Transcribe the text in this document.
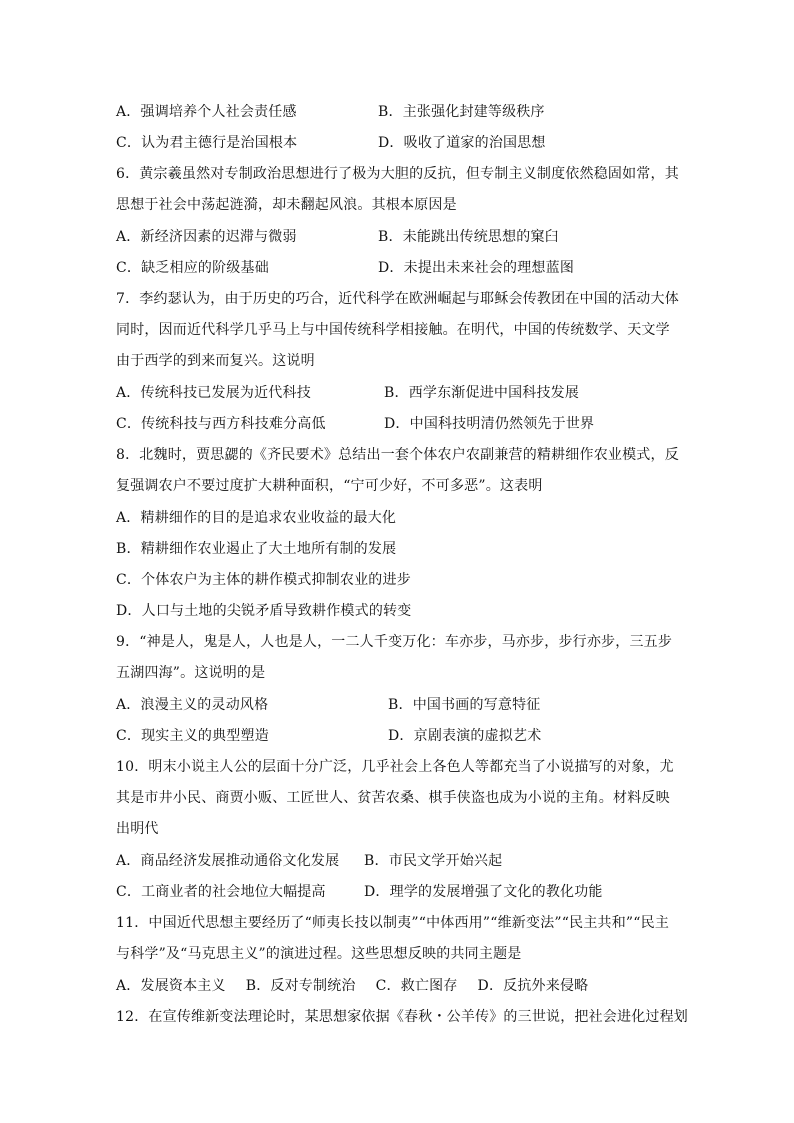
A．强调培养个人社会责任感	B．主张强化封建等级秩序
C．认为君主德行是治国根本	D．吸收了道家的治国思想
6．黄宗羲虽然对专制政治思想进行了极为大胆的反抗，但专制主义制度依然稳固如常，其思想于社会中荡起涟漪，却未翻起风浪。其根本原因是
A．新经济因素的迟滞与微弱	B．未能跳出传统思想的窠臼
C．缺乏相应的阶级基础	D．未提出未来社会的理想蓝图
7．李约瑟认为，由于历史的巧合，近代科学在欧洲崛起与耶稣会传教团在中国的活动大体同时，因而近代科学几乎马上与中国传统科学相接触。在明代，中国的传统数学、天文学由于西学的到来而复兴。这说明
A．传统科技已发展为近代科技	B．西学东渐促进中国科技发展
C．传统科技与西方科技难分高低	D．中国科技明清仍然领先于世界
8．北魏时，贾思勰的《齐民要术》总结出一套个体农户农副兼营的精耕细作农业模式，反复强调农户不要过度扩大耕种面积，“宁可少好，不可多恶”。这表明
A．精耕细作的目的是追求农业收益的最大化
B．精耕细作农业遏止了大土地所有制的发展
C．个体农户为主体的耕作模式抑制农业的进步
D．人口与土地的尖锐矛盾导致耕作模式的转变
9．“神是人，鬼是人，人也是人，一二人千变万化：车亦步，马亦步，步行亦步，三五步五湖四海”。这说明的是
A．浪漫主义的灵动风格	B．中国书画的写意特征
C．现实主义的典型塑造	D．京剧表演的虚拟艺术
10．明末小说主人公的层面十分广泛，几乎社会上各色人等都充当了小说描写的对象，尤其是市井小民、商贾小贩、工匠世人、贫苦农桑、棋手侠盗也成为小说的主角。材料反映出明代
A．商品经济发展推动通俗文化发展 B．市民文学开始兴起
C．工商业者的社会地位大幅提高	D．理学的发展增强了文化的教化功能
11．中国近代思想主要经历了“师夷长技以制夷”“中体西用”“维新变法”“民主共和”“民主与科学”及“马克思主义”的演进过程。这些思想反映的共同主题是
A．发展资本主义 B．反对专制统治 C．救亡图存 D．反抗外来侵略
12．在宣传维新变法理论时，某思想家依据《春秋・公羊传》的三世说，把社会进化过程划
